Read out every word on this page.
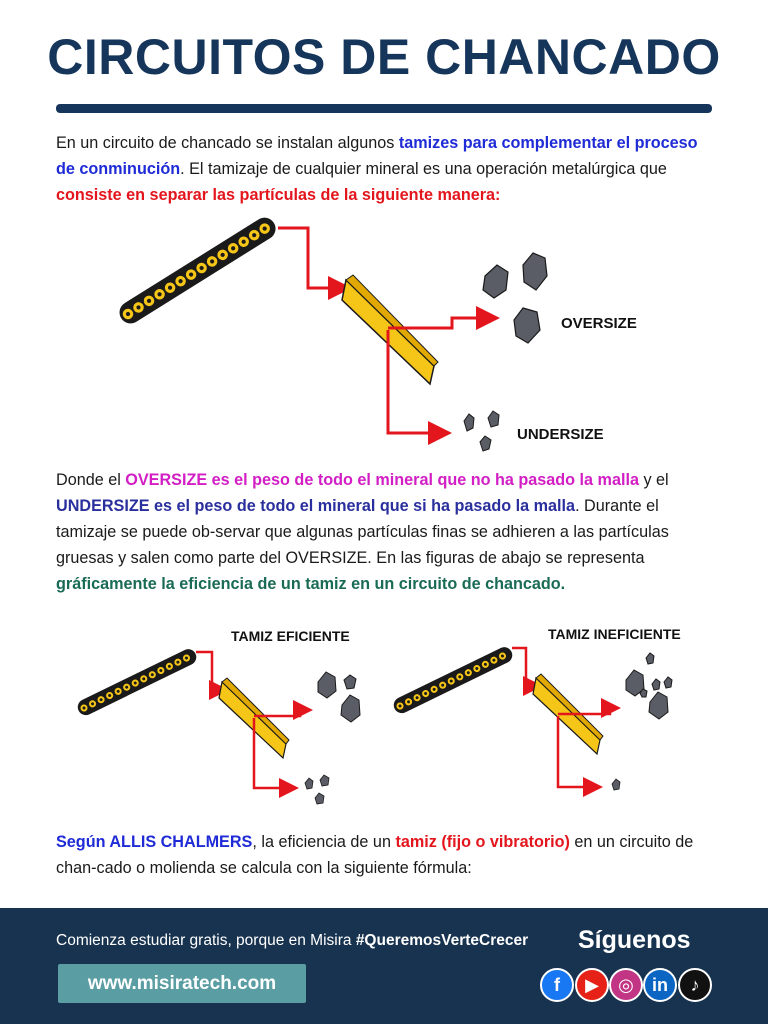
CIRCUITOS DE CHANCADO
En un circuito de chancado se instalan algunos tamizes para complementar el proceso de conminución. El tamizaje de cualquier mineral es una operación metalúrgica que consiste en separar las partículas de la siguiente manera:
OVERSIZE
UNDERSIZE
TAMIZ EFICIENTE	TAMIZ INEFICIENTE
Donde el OVERSIZE es el peso de todo el mineral que no ha pasado la malla y el UNDERSIZE es el peso de todo el mineral que si ha pasado la malla. Durante el tamizaje se puede ob-servar que algunas partículas finas se adhieren a las partículas gruesas y salen como parte del OVERSIZE. En las figuras de abajo se representa gráficamente la eficiencia de un tamiz en un circuito de chancado.
Según ALLIS CHALMERS, la eficiencia de un tamiz (fijo o vibratorio) en un circuito de chan-cado o molienda se calcula con la siguiente fórmula:
Comienza estudiar gratis, porque en Misira #QueremosVerteCrecer
www.misiratech.com
Síguenos
f	▶	◎	in	♪
